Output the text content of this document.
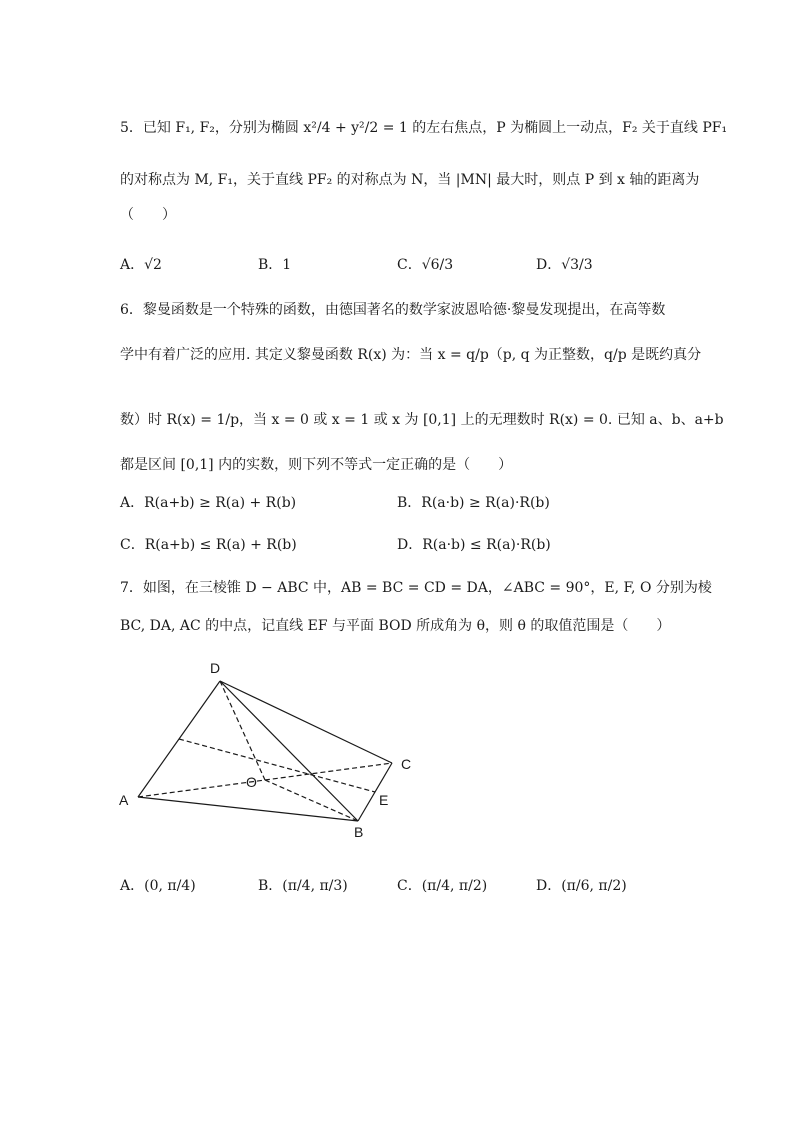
5．已知 F₁, F₂，分别为椭圆 x²/4 + y²/2 = 1 的左右焦点，P 为椭圆上一动点，F₂ 关于直线 PF₁
的对称点为 M, F₁，关于直线 PF₂ 的对称点为 N，当 |MN| 最大时，则点 P 到 x 轴的距离为
（　　）
A．√2	B．1	C．√6/3	D．√3/3
6．黎曼函数是一个特殊的函数，由德国著名的数学家波恩哈德·黎曼发现提出，在高等数
学中有着广泛的应用. 其定义黎曼函数 R(x) 为：当 x = q/p（p, q 为正整数，q/p 是既约真分
数）时 R(x) = 1/p，当 x = 0 或 x = 1 或 x 为 [0,1] 上的无理数时 R(x) = 0. 已知 a、b、a+b
都是区间 [0,1] 内的实数，则下列不等式一定正确的是（　　）
A．R(a+b) ≥ R(a) + R(b)	B．R(a·b) ≥ R(a)·R(b)
C．R(a+b) ≤ R(a) + R(b)	D．R(a·b) ≤ R(a)·R(b)
7．如图，在三棱锥 D − ABC 中，AB = BC = CD = DA，∠ABC = 90°，E, F, O 分别为棱
BC, DA, AC 的中点，记直线 EF 与平面 BOD 所成角为 θ，则 θ 的取值范围是（　　）
D
A
B
C
E
O
A．(0, π/4)	B．(π/4, π/3)	C．(π/4, π/2)	D．(π/6, π/2)
